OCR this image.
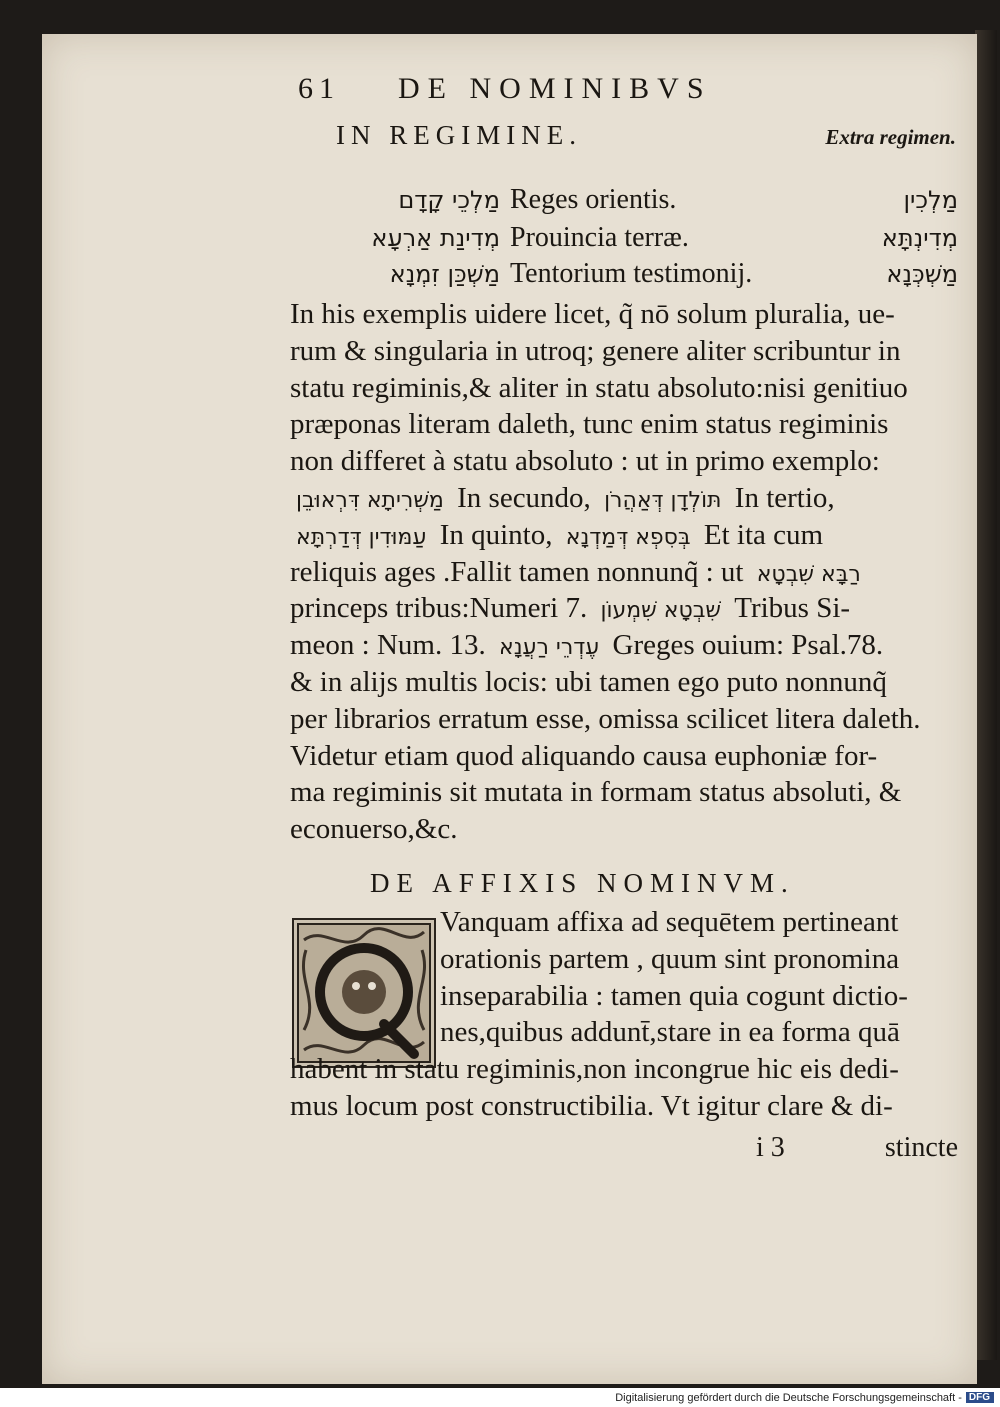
61	DE NOMINIBVS
IN REGIMINE.	Extra regimen.
מַלְכֵי קָדָם Reges orientis.	מַלְכִין
מְדִינַת אַרְעָא Prouincia terræ.	מְדִינְתָּא
מַשְׁכַּן זִמְנָא Tentorium testimonij.	מַשְׁכְּנָא
In his exemplis uidere licet, q̃ nō solum pluralia, ue-
rum & singularia in utroq; genere aliter scribuntur in
statu regiminis,& aliter in statu absoluto:nisi genitiuo
præponas literam daleth, tunc enim status regiminis
non differet à statu absoluto : ut in primo exemplo:
מַשְׁרִיתָא דִּרְאוּבֵן In secundo, תּוֹלְדָן דְּאַהֲרֹן In tertio,
עַמּוּדִין דְּדַרְתָּא In quinto, בְּסִפְא דְּמַדְנָא Et ita cum
reliquis ages .Fallit tamen nonnunq̃ : ut רַבָּא שִׁבְטָא
princeps tribus:Numeri 7. שִׁבְטָא שִׁמְעוֹן Tribus Si-
meon : Num. 13. עֶדְרֵי רַעֲנָא Greges ouium: Psal.78.
& in alijs multis locis: ubi tamen ego puto nonnunq̃
per librarios erratum esse, omissa scilicet litera daleth.
Videtur etiam quod aliquando causa euphoniæ for-
ma regiminis sit mutata in formam status absoluti, &
econuerso,&c.
DE AFFIXIS NOMINVM.
Vanquam affixa ad sequētem pertineant
orationis partem , quum sint pronomina
inseparabilia : tamen quia cogunt dictio-
nes,quibus addunt̄,stare in ea forma quā
habent in statu regiminis,non incongrue hic eis dedi-
mus locum post constructibilia. Vt igitur clare & di-
i 3	stincte
Digitalisierung gefördert durch die Deutsche Forschungsgemeinschaft - DFG
